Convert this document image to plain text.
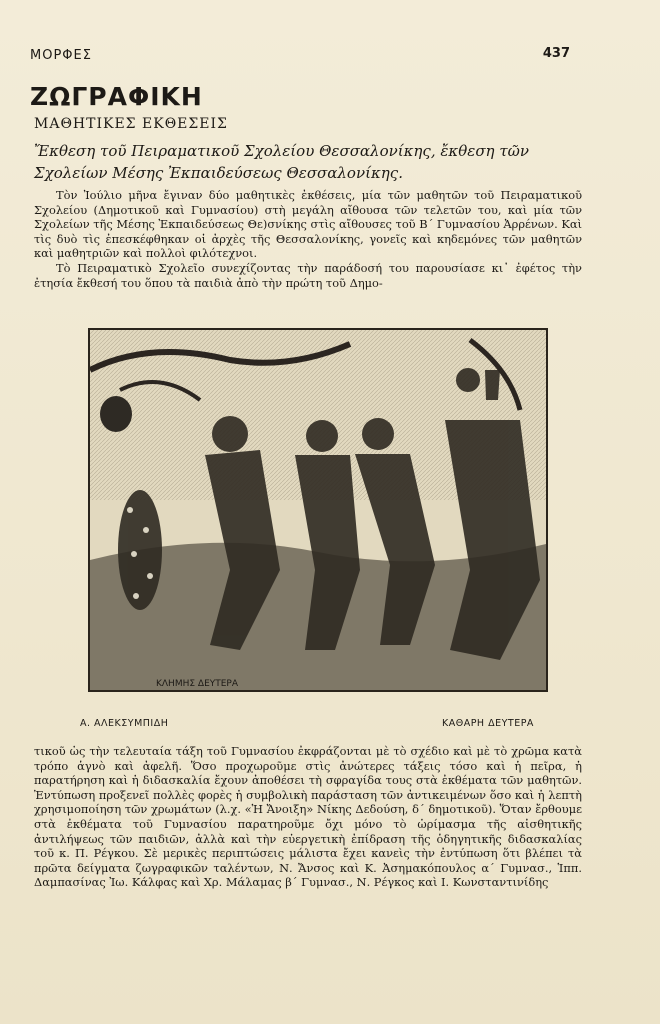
ΜΟΡΦΕΣ	437
ΖΩΓΡΑΦΙΚΗ
ΜΑΘΗΤΙΚΕΣ ΕΚΘΕΣΕΙΣ
Ἔκθεση τοῦ Πειραματικοῦ Σχολείου Θεσσαλονίκης, ἔκθεση τῶν Σχολείων Μέσης Ἐκπαιδεύσεως Θεσσαλονίκης.

Τὸν Ἰούλιο μῆνα ἔγιναν δύο μαθητικὲς ἐκθέσεις, μία τῶν μαθητῶν τοῦ Πειραματικοῦ Σχολείου (Δημοτικοῦ καὶ Γυμνασίου) στὴ μεγάλη αἴθουσα τῶν τελετῶν του, καὶ μία τῶν Σχολείων τῆς Μέσης Ἐκπαιδεύσεως Θε)σνίκης στὶς αἴθουσες τοῦ Β΄ Γυμνασίου Ἀρρένων. Καὶ τὶς δυὸ τὶς ἐπεσκέφθηκαν οἱ ἀρχὲς τῆς Θεσσαλονίκης, γονεῖς καὶ κηδεμόνες τῶν μαθητῶν καὶ μαθητριῶν καὶ πολλοὶ φιλότεχνοι.

Τὸ Πειραματικὸ Σχολεῖο συνεχίζοντας τὴν παράδοσή του παρουσίασε κι᾿ ἐφέτος τὴν ἐτησία ἔκθεσή του ὅπου τὰ παιδιὰ ἀπὸ τὴν πρώτη τοῦ Δημο-

ΚΛΗΜΗΣ ΔΕΥΤΕΡΑ
Α. ΑΛΕΚΣΥΜΠΙΔΗ	ΚΑΘΑΡΗ ΔΕΥΤΕΡΑ

τικοῦ ὡς τὴν τελευταία τάξη τοῦ Γυμνασίου ἐκφράζονται μὲ τὸ σχέδιο καὶ μὲ τὸ χρῶμα κατὰ τρόπο ἁγνὸ καὶ ἀφελῆ. Ὅσο προχωροῦμε στὶς ἀνώτερες τάξεις τόσο καὶ ἡ πεῖρα, ἡ παρατήρηση καὶ ἡ διδασκαλία ἔχουν ἀποθέσει τὴ σφραγίδα τους στὰ ἐκθέματα τῶν μαθητῶν. Ἐντύπωση προξενεῖ πολλὲς φορὲς ἡ συμβολικὴ παράσταση τῶν ἀντικειμένων ὅσο καὶ ἡ λεπτὴ χρησιμοποίηση τῶν χρωμάτων (λ.χ. «Ἡ Ἄνοιξη» Νίκης Δεδούση, δ΄ δημοτικοῦ). Ὅταν ἔρθουμε στὰ ἐκθέματα τοῦ Γυμνασίου παρατηροῦμε ὄχι μόνο τὸ ὡρίμασμα τῆς αἰσθητικῆς ἀντιλήψεως τῶν παιδιῶν, ἀλλὰ καὶ τὴν εὐεργετικὴ ἐπίδραση τῆς ὁδηγητικῆς διδασκαλίας τοῦ κ. Π. Ρέγκου. Σὲ μερικὲς περιπτώσεις μάλιστα ἔχει κανεὶς τὴν ἐντύπωση ὅτι βλέπει τὰ πρῶτα δείγματα ζωγραφικῶν ταλέντων, Ν. Ἄνσος καὶ Κ. Ἀσημακόπουλος α΄ Γυμνασ., Ἱππ. Δαμπασίνας Ἰω. Κάλφας καὶ Χρ. Μάλαμας β΄ Γυμνασ., Ν. Ρέγκος καὶ Ι. Κωνσταντινίδης
